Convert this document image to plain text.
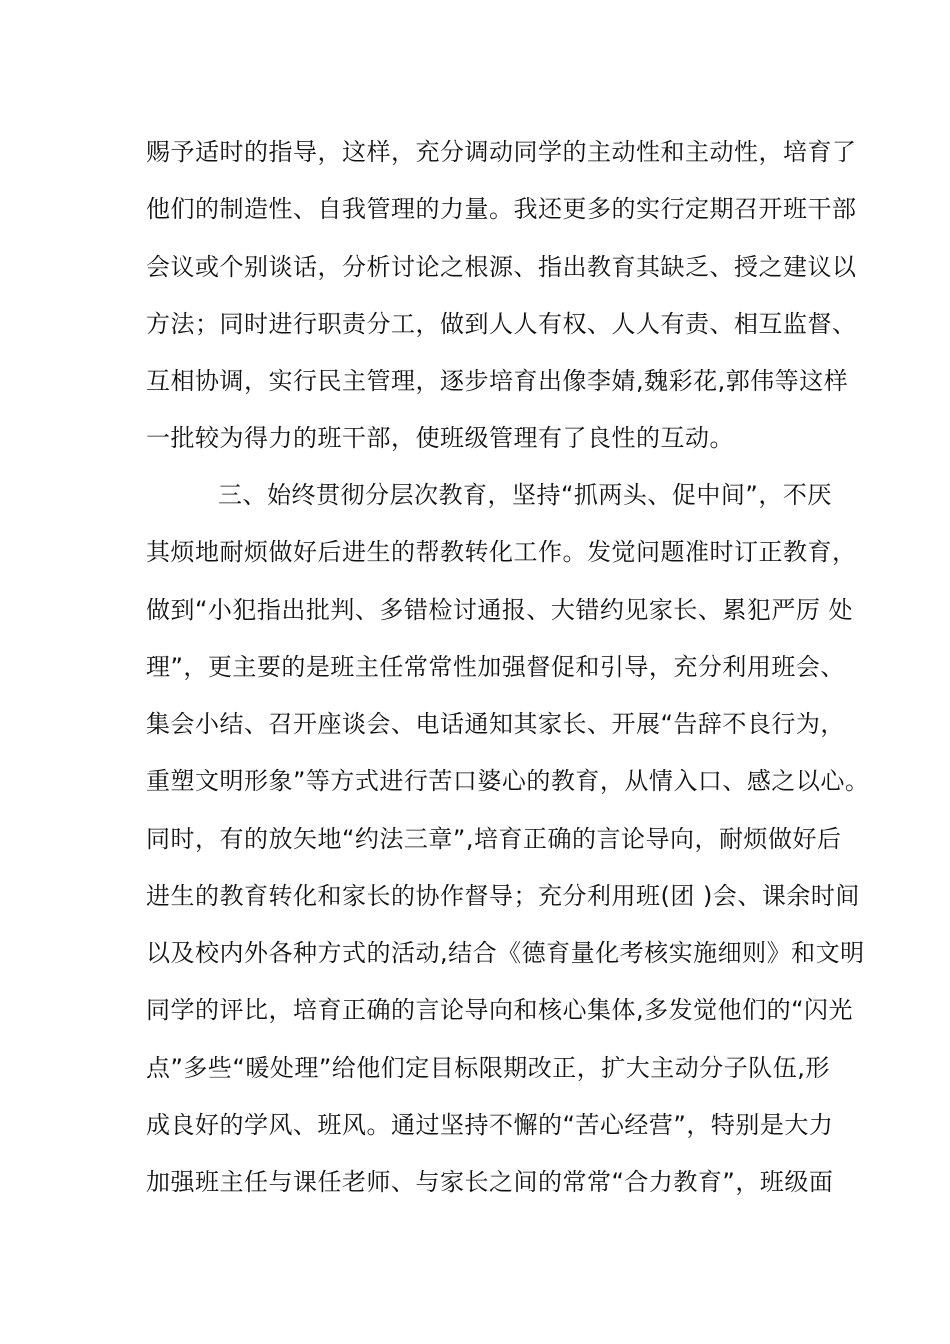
赐予适时的指导，这样，充分调动同学的主动性和主动性，培育了
他们的制造性、自我管理的力量。我还更多的实行定期召开班干部
会议或个别谈话，分析讨论之根源、指出教育其缺乏、授之建议以
方法；同时进行职责分工，做到人人有权、人人有责、相互监督、
互相协调，实行民主管理，逐步培育出像李婧,魏彩花,郭伟等这样
一批较为得力的班干部，使班级管理有了良性的互动。
三、始终贯彻分层次教育，坚持“抓两头、促中间”，不厌
其烦地耐烦做好后进生的帮教转化工作。发觉问题准时订正教育，
做到“小犯指出批判、多错检讨通报、大错约见家长、累犯严厉 处
理”，更主要的是班主任常常性加强督促和引导，充分利用班会、
集会小结、召开座谈会、电话通知其家长、开展“告辞不良行为，
重塑文明形象”等方式进行苦口婆心的教育，从情入口、感之以心。
同时，有的放矢地“约法三章”,培育正确的言论导向，耐烦做好后
进生的教育转化和家长的协作督导；充分利用班(团 )会、课余时间
以及校内外各种方式的活动,结合《德育量化考核实施细则》和文明
同学的评比，培育正确的言论导向和核心集体,多发觉他们的“闪光
点”多些“暖处理”给他们定目标限期改正，扩大主动分子队伍,形
成良好的学风、班风。通过坚持不懈的“苦心经营”，特别是大力
加强班主任与课任老师、与家长之间的常常“合力教育”，班级面
